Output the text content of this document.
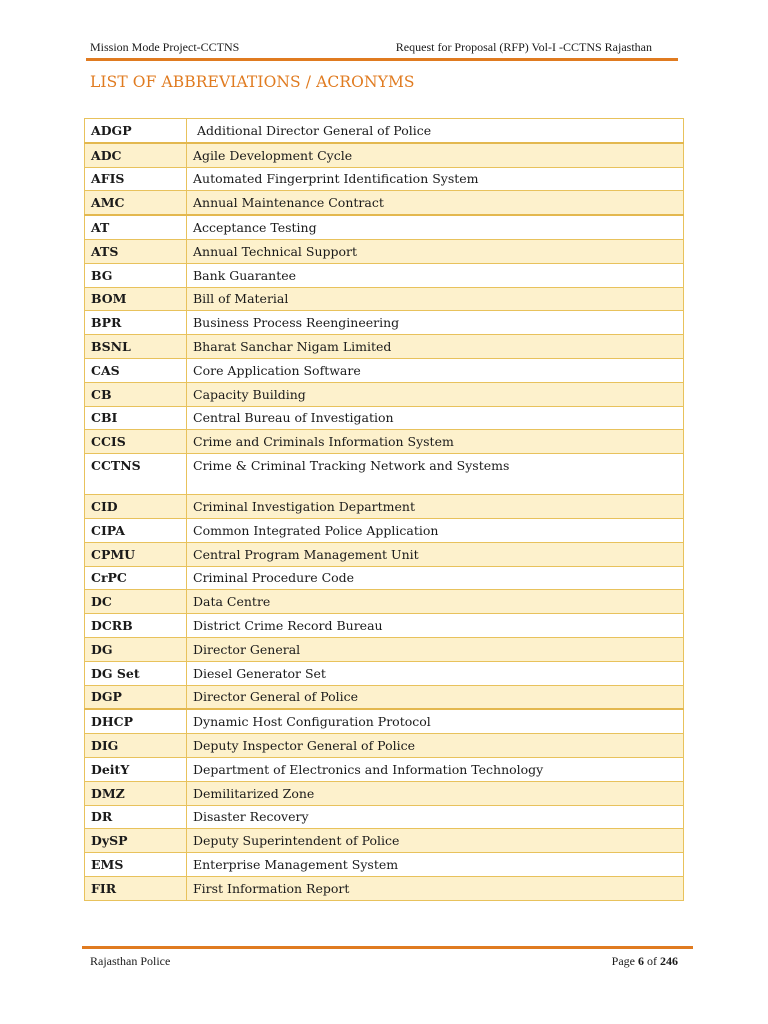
Mission Mode Project-CCTNS	Request for Proposal (RFP) Vol-I -CCTNS Rajasthan
LIST OF ABBREVIATIONS / ACRONYMS
ADGP	Additional Director General of Police
ADC	Agile Development Cycle
AFIS	Automated Fingerprint Identification System
AMC	Annual Maintenance Contract
AT	Acceptance Testing
ATS	Annual Technical Support
BG	Bank Guarantee
BOM	Bill of Material
BPR	Business Process Reengineering
BSNL	Bharat Sanchar Nigam Limited
CAS	Core Application Software
CB	Capacity Building
CBI	Central Bureau of Investigation
CCIS	Crime and Criminals Information System
CCTNS	Crime & Criminal Tracking Network and Systems
CID	Criminal Investigation Department
CIPA	Common Integrated Police Application
CPMU	Central Program Management Unit
CrPC	Criminal Procedure Code
DC	Data Centre
DCRB	District Crime Record Bureau
DG	Director General
DG Set	Diesel Generator Set
DGP	Director General of Police
DHCP	Dynamic Host Configuration Protocol
DIG	Deputy Inspector General of Police
DeitY	Department of Electronics and Information Technology
DMZ	Demilitarized Zone
DR	Disaster Recovery
DySP	Deputy Superintendent of Police
EMS	Enterprise Management System
FIR	First Information Report
Rajasthan Police	Page 6 of 246
